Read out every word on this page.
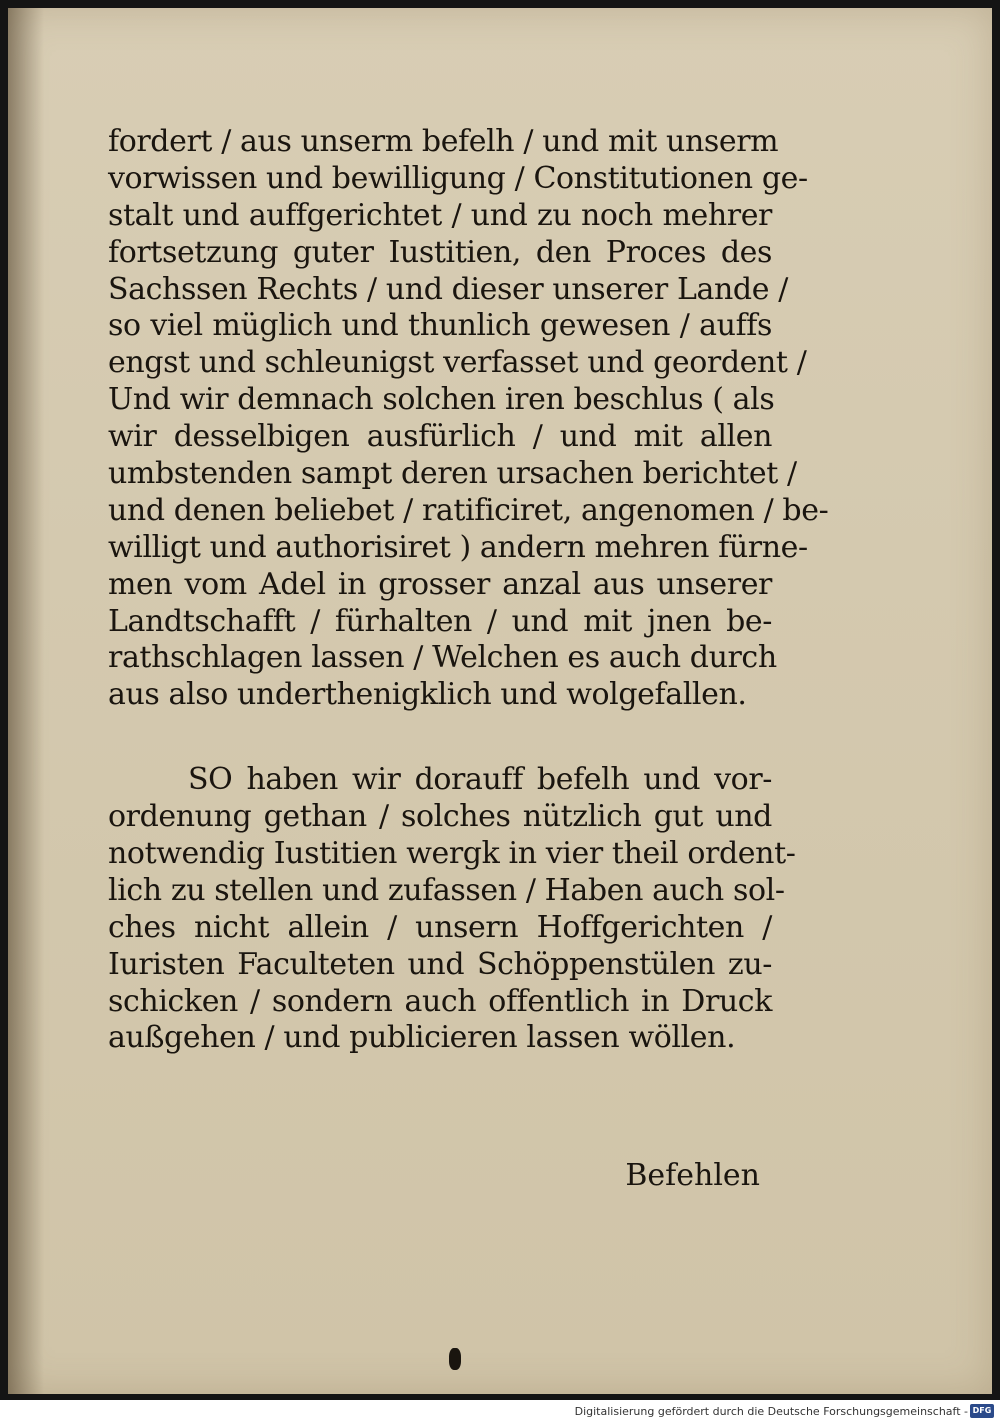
fordert / aus unserm befelh / und mit unserm
vorwissen und bewilligung / Constitutionen ge-
stalt und auffgerichtet / und zu noch mehrer
fortsetzung guter Iustitien, den Proces des
Sachssen Rechts / und dieser unserer Lande /
so viel müglich und thunlich gewesen / auffs
engst und schleunigst verfasset und geordent /
Und wir demnach solchen iren beschlus ( als
wir desselbigen ausfürlich / und mit allen
umbstenden sampt deren ursachen berichtet /
und denen beliebet / ratificiret, angenomen / be-
willigt und authorisiret ) andern mehren fürne-
men vom Adel in grosser anzal aus unserer
Landtschafft / fürhalten / und mit jnen be-
rathschlagen lassen / Welchen es auch durch
aus also underthenigklich und wolgefallen.
SO haben wir dorauff befelh und vor-
ordenung gethan / solches nützlich gut und
notwendig Iustitien wergk in vier theil ordent-
lich zu stellen und zufassen / Haben auch sol-
ches nicht allein / unsern Hoffgerichten /
Iuristen Faculteten und Schöppenstülen zu-
schicken / sondern auch offentlich in Druck
außgehen / und publicieren lassen wöllen.
Befehlen
Digitalisierung gefördert durch die Deutsche Forschungsgemeinschaft - DFG
